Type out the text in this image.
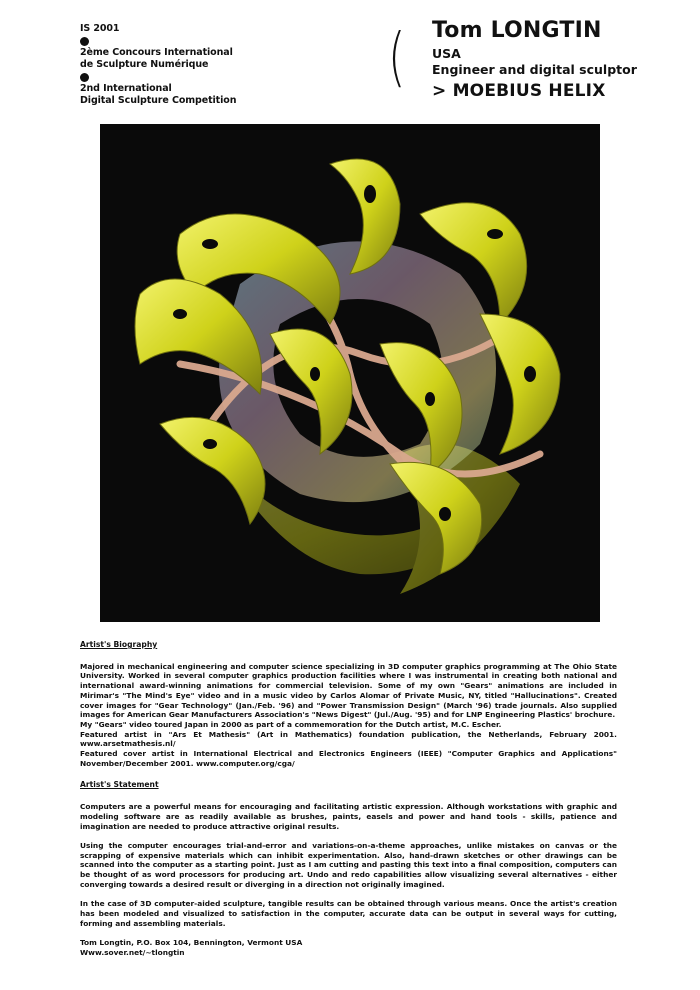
IS 2001
2ème Concours International
de Sculpture Numérique
2nd International
Digital Sculpture Competition
( Tom LONGTIN
USA
Engineer and digital sculptor
> MOEBIUS HELIX
Artist's Biography

Majored in mechanical engineering and computer science specializing in 3D computer graphics programming at The Ohio State University. Worked in several computer graphics production facilities where I was instrumental in creating both national and international award-winning animations for commercial television. Some of my own "Gears" animations are included in Mirimar's "The Mind's Eye" video and in a music video by Carlos Alomar of Private Music, NY, titled "Hallucinations". Created cover images for "Gear Technology" (Jan./Feb. '96) and "Power Transmission Design" (March '96) trade journals. Also supplied images for American Gear Manufacturers Association's "News Digest" (Jul./Aug. '95) and for LNP Engineering Plastics' brochure.

My "Gears" video toured Japan in 2000 as part of a commemoration for the Dutch artist, M.C. Escher.

Featured artist in "Ars Et Mathesis" (Art in Mathematics) foundation publication, the Netherlands, February 2001. www.arsetmathesis.nl/

Featured cover artist in International Electrical and Electronics Engineers (IEEE) "Computer Graphics and Applications" November/December 2001. www.computer.org/cga/

Artist's Statement

Computers are a powerful means for encouraging and facilitating artistic expression. Although workstations with graphic and modeling software are as readily available as brushes, paints, easels and power and hand tools - skills, patience and imagination are needed to produce attractive original results.

Using the computer encourages trial-and-error and variations-on-a-theme approaches, unlike mistakes on canvas or the scrapping of expensive materials which can inhibit experimentation. Also, hand-drawn sketches or other drawings can be scanned into the computer as a starting point. Just as I am cutting and pasting this text into a final composition, computers can be thought of as word processors for producing art. Undo and redo capabilities allow visualizing several alternatives - either converging towards a desired result or diverging in a direction not originally imagined.

In the case of 3D computer-aided sculpture, tangible results can be obtained through various means. Once the artist's creation has been modeled and visualized to satisfaction in the computer, accurate data can be output in several ways for cutting, forming and assembling materials.

Tom Longtin, P.O. Box 104, Bennington, Vermont USA

Www.sover.net/~tlongtin
